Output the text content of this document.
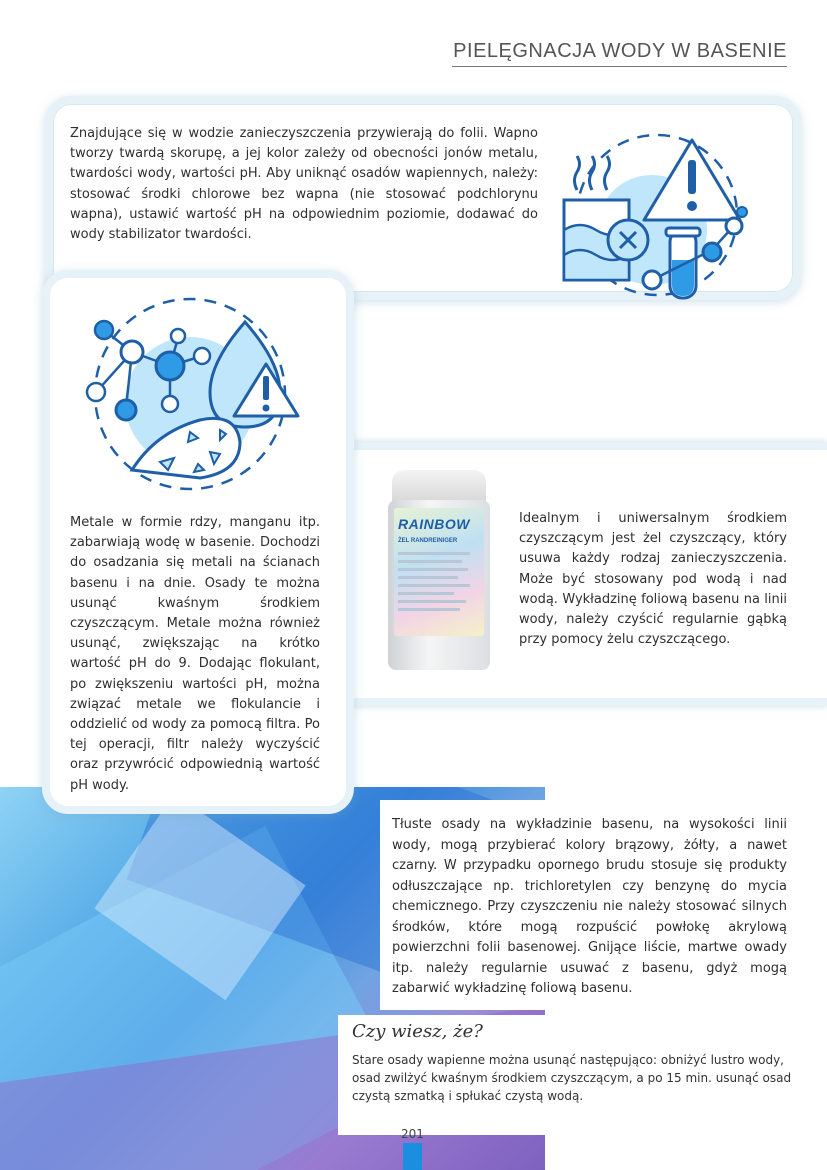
PIELĘGNACJA WODY W BASENIE
Znajdujące się w wodzie zanieczyszczenia przywierają do folii. Wapno tworzy twardą skorupę, a jej kolor zależy od obecności jonów metalu, twardości wody, wartości pH. Aby uniknąć osadów wapiennych, należy: stosować środki chlorowe bez wapna (nie stosować podchlorynu wapna), ustawić wartość pH na odpowiednim poziomie, dodawać do wody stabilizator twardości.
Metale w formie rdzy, manganu itp. zabarwiają wodę w basenie. Dochodzi do osadzania się metali na ścianach basenu i na dnie. Osady te można usunąć kwaśnym środkiem czyszczącym. Metale można również usunąć, zwiększając na krótko wartość pH do 9. Dodając flokulant, po zwiększeniu wartości pH, można związać metale we flokulancie i oddzielić od wody za pomocą filtra. Po tej operacji, filtr należy wyczyścić oraz przywrócić odpowiednią wartość pH wody.
RAINBOW
ŻEL RANDREINIGER
Idealnym i uniwersalnym środkiem czyszczącym jest żel czyszczący, który usuwa każdy rodzaj zanieczyszczenia. Może być stosowany pod wodą i nad wodą. Wykładzinę foliową basenu na linii wody, należy czyścić regularnie gąbką przy pomocy żelu czyszczącego.
Tłuste osady na wykładzinie basenu, na wysokości linii wody, mogą przybierać kolory brązowy, żółty, a nawet czarny. W przypadku opornego brudu stosuje się produkty odłuszczające np. trichloretylen czy benzynę do mycia chemicznego. Przy czyszczeniu nie należy stosować silnych środków, które mogą rozpuścić powłokę akrylową powierzchni folii basenowej. Gnijące liście, martwe owady itp. należy regularnie usuwać z basenu, gdyż mogą zabarwić wykładzinę foliową basenu.
Czy wiesz, że?
Stare osady wapienne można usunąć następująco: obniżyć lustro wody, osad zwilżyć kwaśnym środkiem czyszczącym, a po 15 min. usunąć osad czystą szmatką i spłukać czystą wodą.
201
